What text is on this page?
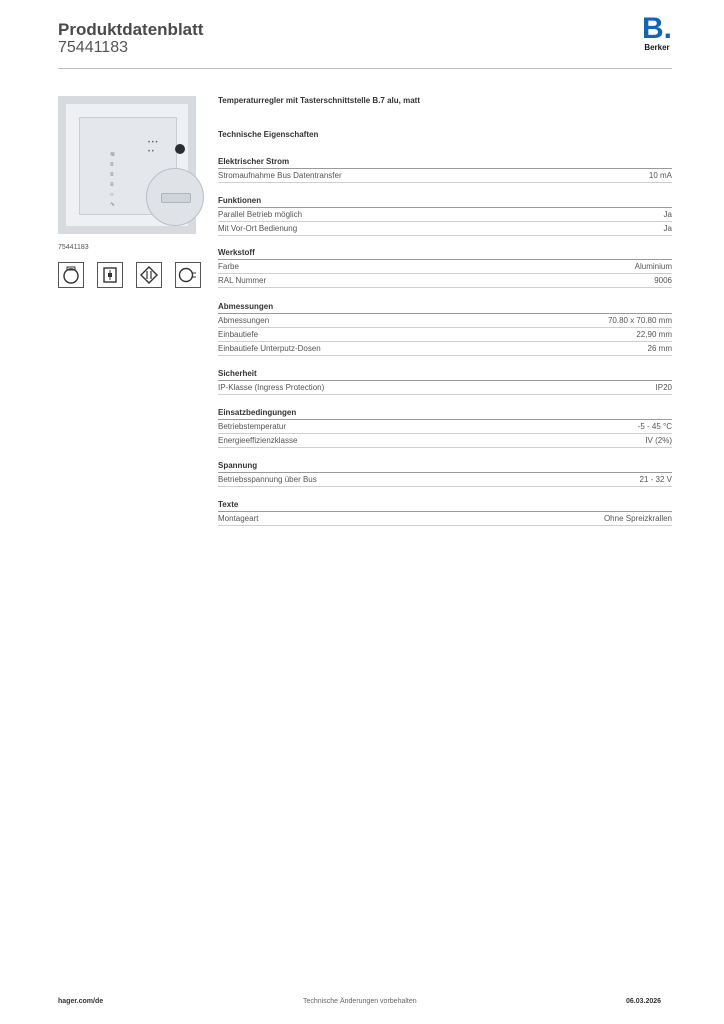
Produktdatenblatt
75441183
B.
Berker
≋
≡
≡
≡
○
∿
• • •
• •
75441183
Temperaturregler mit Tasterschnittstelle B.7 alu, matt
Technische Eigenschaften
Elektrischer Strom
Stromaufnahme Bus Datentransfer	10 mA
Funktionen
Parallel Betrieb möglich	Ja
Mit Vor-Ort Bedienung	Ja
Werkstoff
Farbe	Aluminium
RAL Nummer	9006
Abmessungen
Abmessungen	70.80 x 70.80 mm
Einbautiefe	22,90 mm
Einbautiefe Unterputz-Dosen	26 mm
Sicherheit
IP-Klasse (Ingress Protection)	IP20
Einsatzbedingungen
Betriebstemperatur	-5 - 45 °C
Energieeffizienzklasse	IV (2%)
Spannung
Betriebsspannung über Bus	21 - 32 V
Texte
Montageart	Ohne Spreizkrallen
hager.com/de	Technische Änderungen vorbehalten	06.03.2026
